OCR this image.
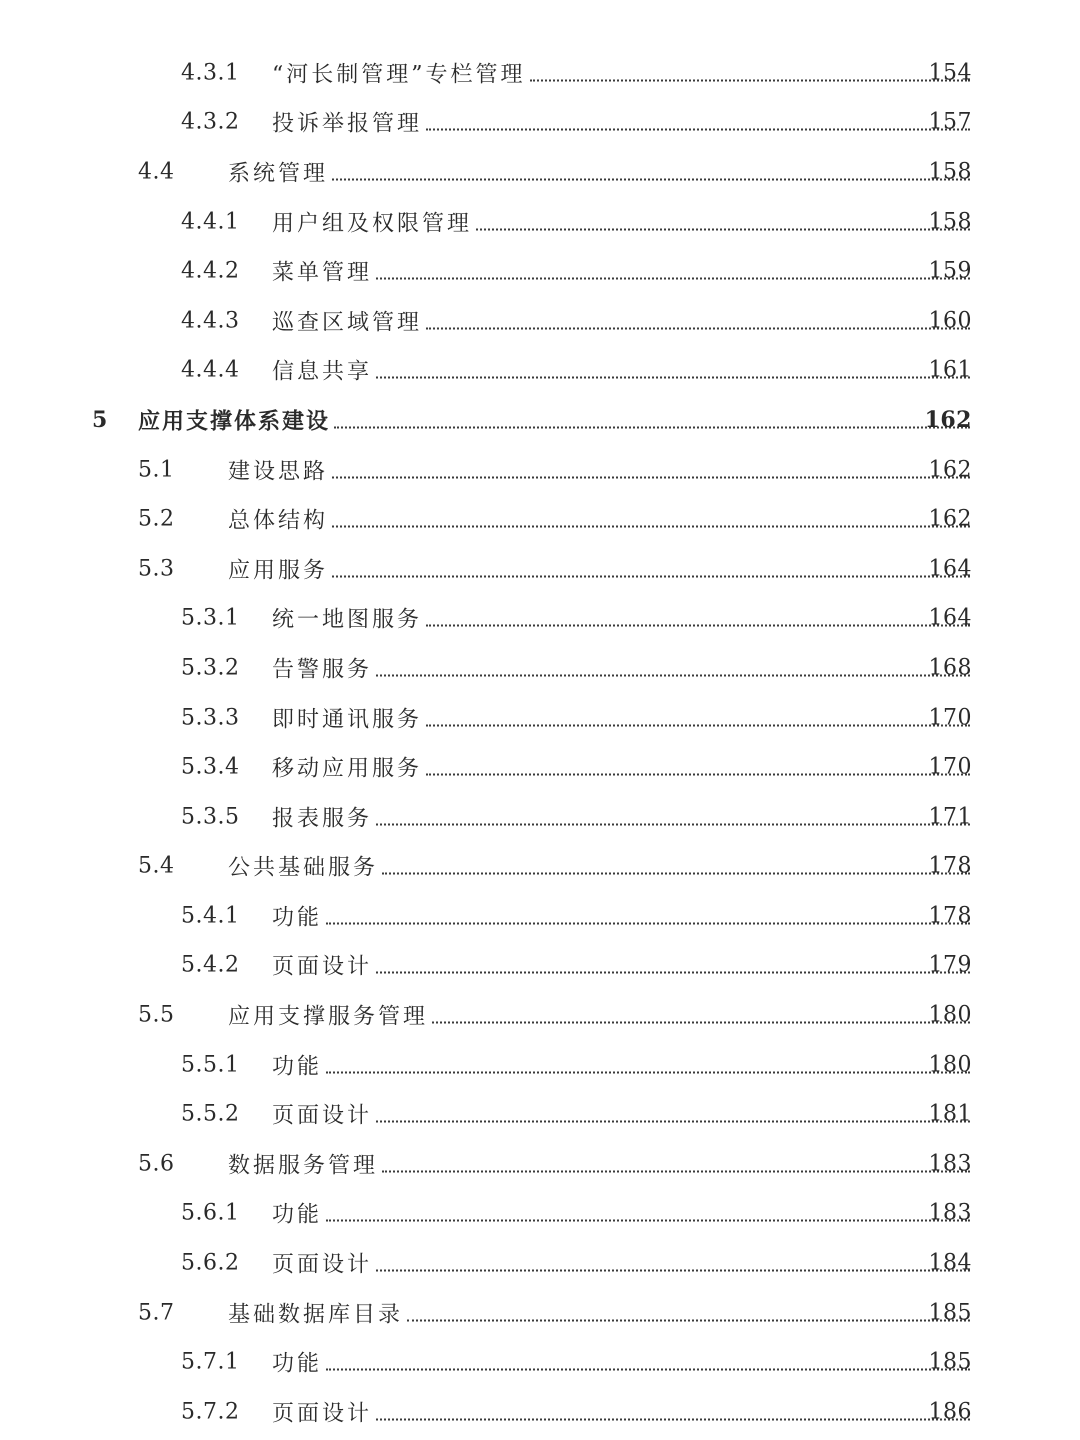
4.3.1 “河长制管理”专栏管理	154
4.3.2 投诉举报管理	157
4.4 系统管理	158
4.4.1 用户组及权限管理	158
4.4.2 菜单管理	159
4.4.3 巡查区域管理	160
4.4.4 信息共享	161
5 应用支撑体系建设	162
5.1 建设思路	162
5.2 总体结构	162
5.3 应用服务	164
5.3.1 统一地图服务	164
5.3.2 告警服务	168
5.3.3 即时通讯服务	170
5.3.4 移动应用服务	170
5.3.5 报表服务	171
5.4 公共基础服务	178
5.4.1 功能	178
5.4.2 页面设计	179
5.5 应用支撑服务管理	180
5.5.1 功能	180
5.5.2 页面设计	181
5.6 数据服务管理	183
5.6.1 功能	183
5.6.2 页面设计	184
5.7 基础数据库目录	185
5.7.1 功能	185
5.7.2 页面设计	186
